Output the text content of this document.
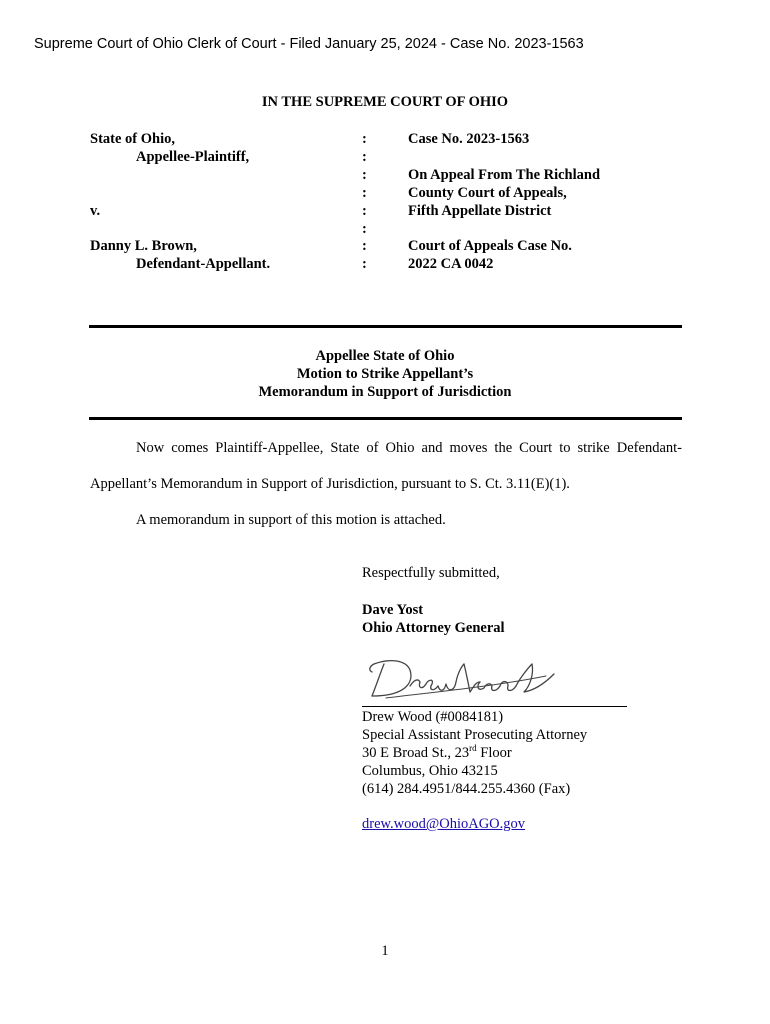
Supreme Court of Ohio Clerk of Court - Filed January 25, 2024 - Case No. 2023-1563
IN THE SUPREME COURT OF OHIO
State of Ohio,
Appellee-Plaintiff,
v.
Danny L. Brown,
Defendant-Appellant.
:
:
:
:
:
:
:
:
Case No. 2023-1563
On Appeal From The Richland
County Court of Appeals,
Fifth Appellate District
Court of Appeals Case No.
2022 CA 0042
Appellee State of Ohio
Motion to Strike Appellant’s
Memorandum in Support of Jurisdiction
Now comes Plaintiff-Appellee, State of Ohio and moves the Court to strike Defendant-
Appellant’s Memorandum in Support of Jurisdiction, pursuant to S. Ct. 3.11(E)(1).
A memorandum in support of this motion is attached.
Respectfully submitted,
Dave Yost
Ohio Attorney General
Drew Wood (#0084181)
Special Assistant Prosecuting Attorney
30 E Broad St., 23rd Floor
Columbus, Ohio 43215
(614) 284.4951/844.255.4360 (Fax)
drew.wood@OhioAGO.gov
1
